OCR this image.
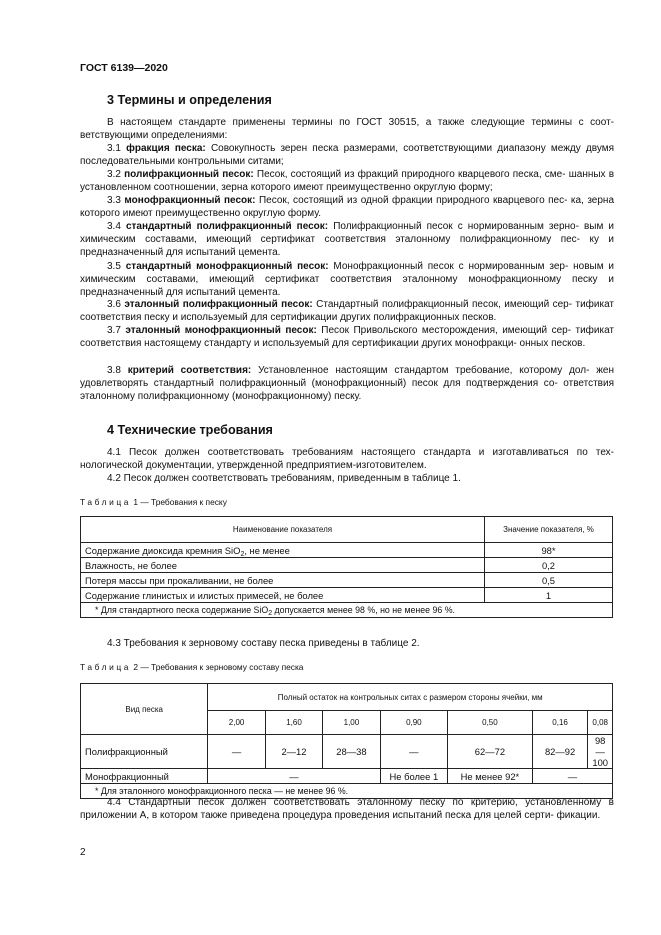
ГОСТ 6139—2020
3 Термины и определения

В настоящем стандарте применены термины по ГОСТ 30515, а также следующие термины с соот- ветствующими определениями:

3.1 фракция песка: Совокупность зерен песка размерами, соответствующими диапазону между двумя последовательными контрольными ситами;

3.2 полифракционный песок: Песок, состоящий из фракций природного кварцевого песка, сме- шанных в установленном соотношении, зерна которого имеют преимущественно округлую форму;

3.3 монофракционный песок: Песок, состоящий из одной фракции природного кварцевого пес- ка, зерна которого имеют преимущественно округлую форму.

3.4 стандартный полифракционный песок: Полифракционный песок с нормированным зерно- вым и химическим составами, имеющий сертификат соответствия эталонному полифракционному пес- ку и предназначенный для испытаний цемента.

3.5 стандартный монофракционный песок: Монофракционный песок с нормированным зер- новым и химическим составами, имеющий сертификат соответствия эталонному монофракционному песку и предназначенный для испытаний цемента.

3.6 эталонный полифракционный песок: Стандартный полифракционный песок, имеющий сер- тификат соответствия песку и используемый для сертификации других полифракционных песков.

3.7 эталонный монофракционный песок: Песок Привольского месторождения, имеющий сер- тификат соответствия настоящему стандарту и используемый для сертификации других монофракци- онных песков.

3.8 критерий соответствия: Установленное настоящим стандартом требование, которому дол- жен удовлетворять стандартный полифракционный (монофракционный) песок для подтверждения со- ответствия эталонному полифракционному (монофракционному) песку.

4 Технические требования

4.1 Песок должен соответствовать требованиям настоящего стандарта и изготавливаться по тех- нологической документации, утвержденной предприятием-изготовителем.

4.2 Песок должен соответствовать требованиям, приведенным в таблице 1.

Таблица 1 — Требования к песку
Наименование показателя	Значение показателя, %
Содержание диоксида кремния SiO$_2$, не менее	98*
Влажность, не более	0,2
Потеря массы при прокаливании, не более	0,5
Содержание глинистых и илистых примесей, не более	1
* Для стандартного песка содержание SiO$_2$ допускается менее 98 %, но не менее 96 %.	

4.3 Требования к зерновому составу песка приведены в таблице 2.

Таблица 2 — Требования к зерновому составу песка
Вид песка	Полный остаток на контрольных ситах с размером стороны ячейки, мм						
	2,00	1,60	1,00	0,90	0,50	0,16	0,08
Полифракционный	—	2—12	28—38	—	62—72	82—92	98—100
Монофракционный	—			Не более 1	Не менее 92*	—	
* Для эталонного монофракционного песка — не менее 96 %.							

4.4 Стандартный песок должен соответствовать эталонному песку по критерию, установленному в приложении А, в котором также приведена процедура проведения испытаний песка для целей серти- фикации.

2
